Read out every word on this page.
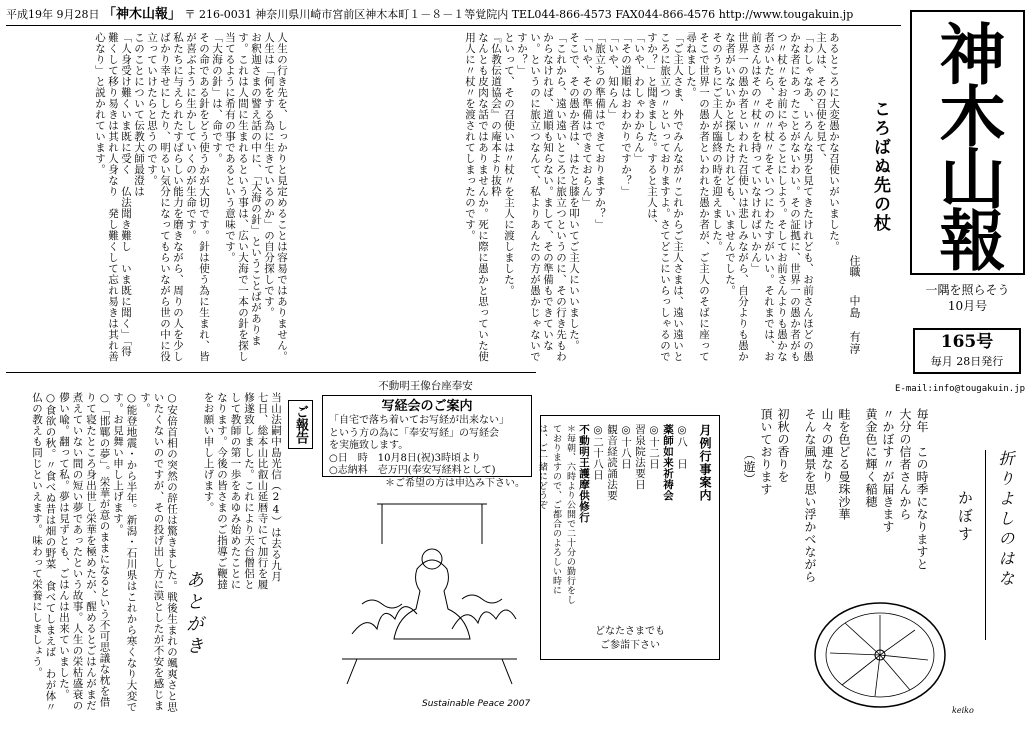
平成19年 9月28日 「神木山報」 〒 216-0031 神奈川県川崎市宮前区神木本町１－８－１等覚院内 TEL044-866-4573 FAX044-866-4576 http://www.tougakuin.jp
神木山報
一隅を照らそう
10月号
165号
毎月 28日発行
E-mail:info@tougakuin.jp
ころばぬ先の杖
住職
中島　有淳

あるところに大変愚かな召使いがいました。

主人は、その召使を見て、

「わしゃなあ、いろんな男を見てきたけれども、お前さんほどの愚かな者にあったことがないわい。その証拠に、世界一の愚か者がもつ〃杖〃をお前にやることにしよう。そしてお前さんよりも愚かな者がいたら、その〃杖〃をそいつにわたすがいい。それまでは、お前さんはその〃杖〃を持っていなければいかん」

世界一の愚か者といわれた召使いは悲しみながら、自分よりも愚かな者がいないかと探したけれども、いませんでした。

そのうちにご主人が臨終の時を迎えました。

そこで世界一の愚か者といわれた愚か者が、ご主人のそばに座って尋ねました。

「ご主人さま、外でみんなが〃これからご主人さまは、遠い遠いところに旅立つ〃といっておりますよ。さてどこにいらっしゃるのですか？」と聞きました。すると主人は、

「いや、わしゃわからん」

「その道順はおわかりですか？」

「いや、知らん」

「旅立ちの準備はできておりますか？」

「いや、その準備はできておらん」

そこで、その愚か者は、はたと膝を叩いてご主人にいいました。

「これから、遠い遠いところに旅立つというのに、その行き先もわからなければ、道順も知らない。まして、その準備もできていない。というのに旅立つなんて、私よりあんたの方が愚かじゃないですか？」

といって、その召使いは〃杖〃を主人に渡しました。

『仏教伝道協会』の庵本より抜粋

なんとも皮肉な話ではありませんか。死に際に愚かと思っていた使用人に〃杖〃を渡されてしまったのです。

人生の行き先を、しっかりと見定めることは容易ではありません。人生は「何をする為に生きているのか」の自分探しです。

お釈迦さまの譬え話の中に、「大海の針」ということばがあります。これは人間に生まれるという事は、広い大海で一本の針を探し当てるように希有の事であるという意味です。

「大海の針」は、命です。

その命である針をどう使うかが大切です。針は使う為に生まれ、皆が喜ぶように生かしていくのが生命です。

私たちに与えられたすばらしい能力を磨きながら、周りの人を少しばかり幸せにしたり、明るい気分になってもらいながら世の中に役立っていけたらと思うのです。

このことについて伝教大師最澄は

「人身受け難くいま既に受く　仏法聞き難し　いま既に聞く」「得難くして移り易きは其れ人身なり　発し難くして忘れ易きは其れ善心なり」と説かれています。

折りよしのはな
かぼす

毎年　この時季になりますと

大分の信者さんから

〃かぼす〃が届きます

黄金色に輝く稲穂

畦を色どる曼珠沙華

山々の連なり

そんな風景を思い浮かべながら

初秋の香りを

頂いております

（遊）

keiko
月例行事案内
◎八　日
薬師如来祈祷会
◎十二日
習泉院法要日
◎十八日
観音経読誦法要
◎二十八日
不動明王護摩供修行
＊毎朝、六時より公開で二十分の勤行をしておりますので、ご都合のよろしい時には、ご一緒にどうぞ
どなたさまでも
ご参詣下さい
不動明王像台座奉安
写経会のご案内
「自宅で落ち着いてお写経が出来ない」
という方の為に「奉安写経」の写経会
を実施致します。
○日　時　 10月8日(祝)3時頃より
○志納料　 壱万円(奉安写経料として)
＊ご希望の方は申込み下さい。
Sustainable Peace 2007
ご報告
当山法嗣中島光信（24）は去る九月七日、総本山比叡山延暦寺にて加行を履修遂致しました。これにより天台僧侶として教師の第一歩をあゆみ始めたことになります。今後の皆さまのご指導ご鞭撻をお願い申し上げます。
あとがき

○安倍首相の突然の辞任は驚きました。戦後生まれの颯爽さと思いたくないのですが、その投げ出し方に漠としたが不安を感じます。

○能登地震・から半年。新潟・石川県はこれから寒くなり大変です。お見舞い申し上げます。

○「邯鄲の夢」。栄華が意のままになるという不可思議な枕を借りて寝たところ身出世し栄華を極めたが、醒めるとごはんがまだ煮えていない間の短い夢であったという故事。人生の栄枯盛衰の儚い喩。翻って私。夢は見ずとも、ごはんは出来ていました。

○食欲の秋。〃食べぬ昔は畑の野菜　食べてしまえば　わが体〃仏の教えも同じといえます。味わって栄養にしましょう。
